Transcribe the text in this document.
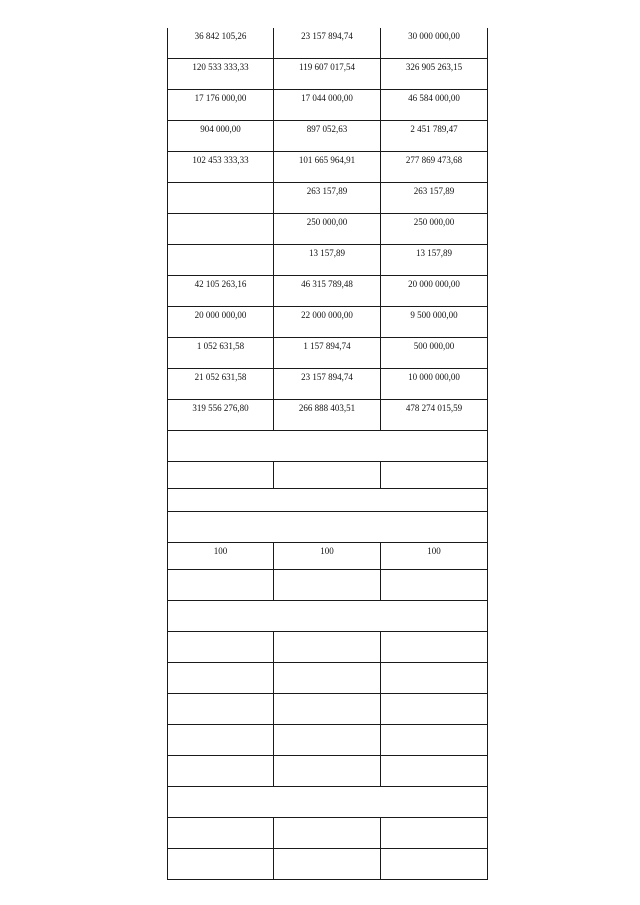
36 842 105,26	23 157 894,74	30 000 000,00
120 533 333,33	119 607 017,54	326 905 263,15
17 176 000,00	17 044 000,00	46 584 000,00
904 000,00	897 052,63	2 451 789,47
102 453 333,33	101 665 964,91	277 869 473,68
	263 157,89	263 157,89
	250 000,00	250 000,00
	13 157,89	13 157,89
42 105 263,16	46 315 789,48	20 000 000,00
20 000 000,00	22 000 000,00	9 500 000,00
1 052 631,58	1 157 894,74	500 000,00
21 052 631,58	23 157 894,74	10 000 000,00
319 556 276,80	266 888 403,51	478 274 015,59

100	100	100
